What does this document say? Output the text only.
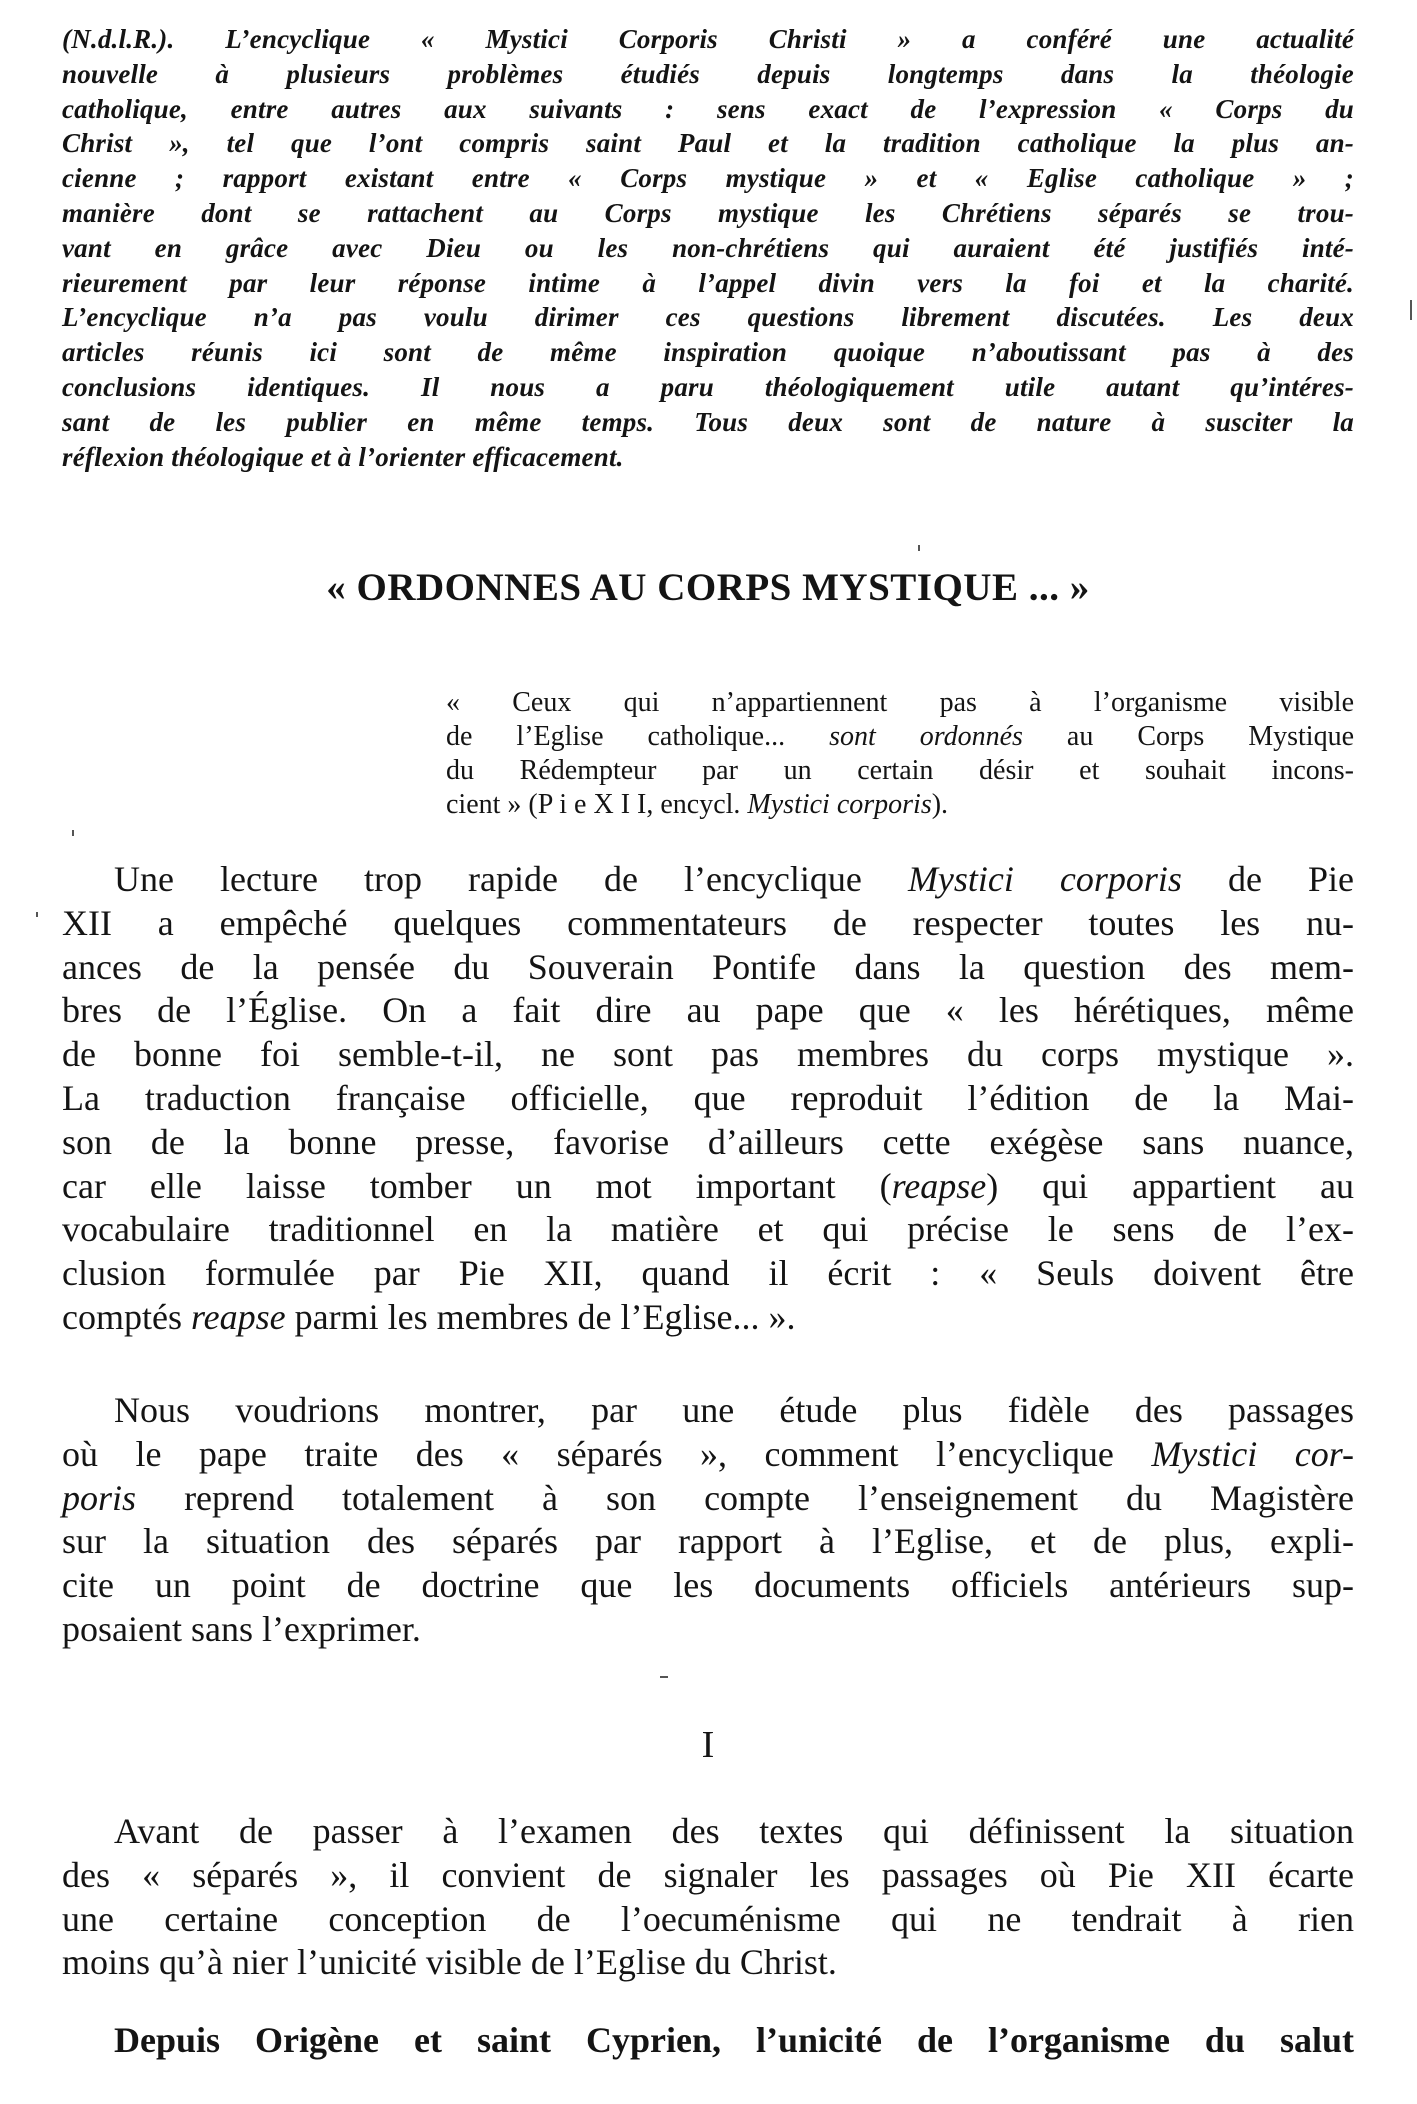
(N.d.l.R.). L’encyclique « Mystici Corporis Christi » a conféré une actualité
nouvelle à plusieurs problèmes étudiés depuis longtemps dans la théologie
catholique, entre autres aux suivants : sens exact de l’expression « Corps du
Christ », tel que l’ont compris saint Paul et la tradition catholique la plus an-
cienne ; rapport existant entre « Corps mystique » et « Eglise catholique » ;
manière dont se rattachent au Corps mystique les Chrétiens séparés se trou-
vant en grâce avec Dieu ou les non-chrétiens qui auraient été justifiés inté-
rieurement par leur réponse intime à l’appel divin vers la foi et la charité.
L’encyclique n’a pas voulu dirimer ces questions librement discutées. Les deux
articles réunis ici sont de même inspiration quoique n’aboutissant pas à des
conclusions identiques. Il nous a paru théologiquement utile autant qu’intéres-
sant de les publier en même temps. Tous deux sont de nature à susciter la
réflexion théologique et à l’orienter efficacement.
« ORDONNES AU CORPS MYSTIQUE ... »
« Ceux qui n’appartiennent pas à l’organisme visible
de l’Eglise catholique... sont ordonnés au Corps Mystique
du Rédempteur par un certain désir et souhait incons-
cient » (P i e X I I, encycl. Mystici corporis).
Une lecture trop rapide de l’encyclique Mystici corporis de Pie
XII a empêché quelques commentateurs de respecter toutes les nu-
ances de la pensée du Souverain Pontife dans la question des mem-
bres de l’Église. On a fait dire au pape que « les hérétiques, même
de bonne foi semble-t-il, ne sont pas membres du corps mystique ».
La traduction française officielle, que reproduit l’édition de la Mai-
son de la bonne presse, favorise d’ailleurs cette exégèse sans nuance,
car elle laisse tomber un mot important (reapse) qui appartient au
vocabulaire traditionnel en la matière et qui précise le sens de l’ex-
clusion formulée par Pie XII, quand il écrit : « Seuls doivent être
comptés reapse parmi les membres de l’Eglise... ».
Nous voudrions montrer, par une étude plus fidèle des passages
où le pape traite des « séparés », comment l’encyclique Mystici cor-
poris reprend totalement à son compte l’enseignement du Magistère
sur la situation des séparés par rapport à l’Eglise, et de plus, expli-
cite un point de doctrine que les documents officiels antérieurs sup-
posaient sans l’exprimer.
I
Avant de passer à l’examen des textes qui définissent la situation
des « séparés », il convient de signaler les passages où Pie XII écarte
une certaine conception de l’oecuménisme qui ne tendrait à rien
moins qu’à nier l’unicité visible de l’Eglise du Christ.
Depuis Origène et saint Cyprien, l’unicité de l’organisme du salut
